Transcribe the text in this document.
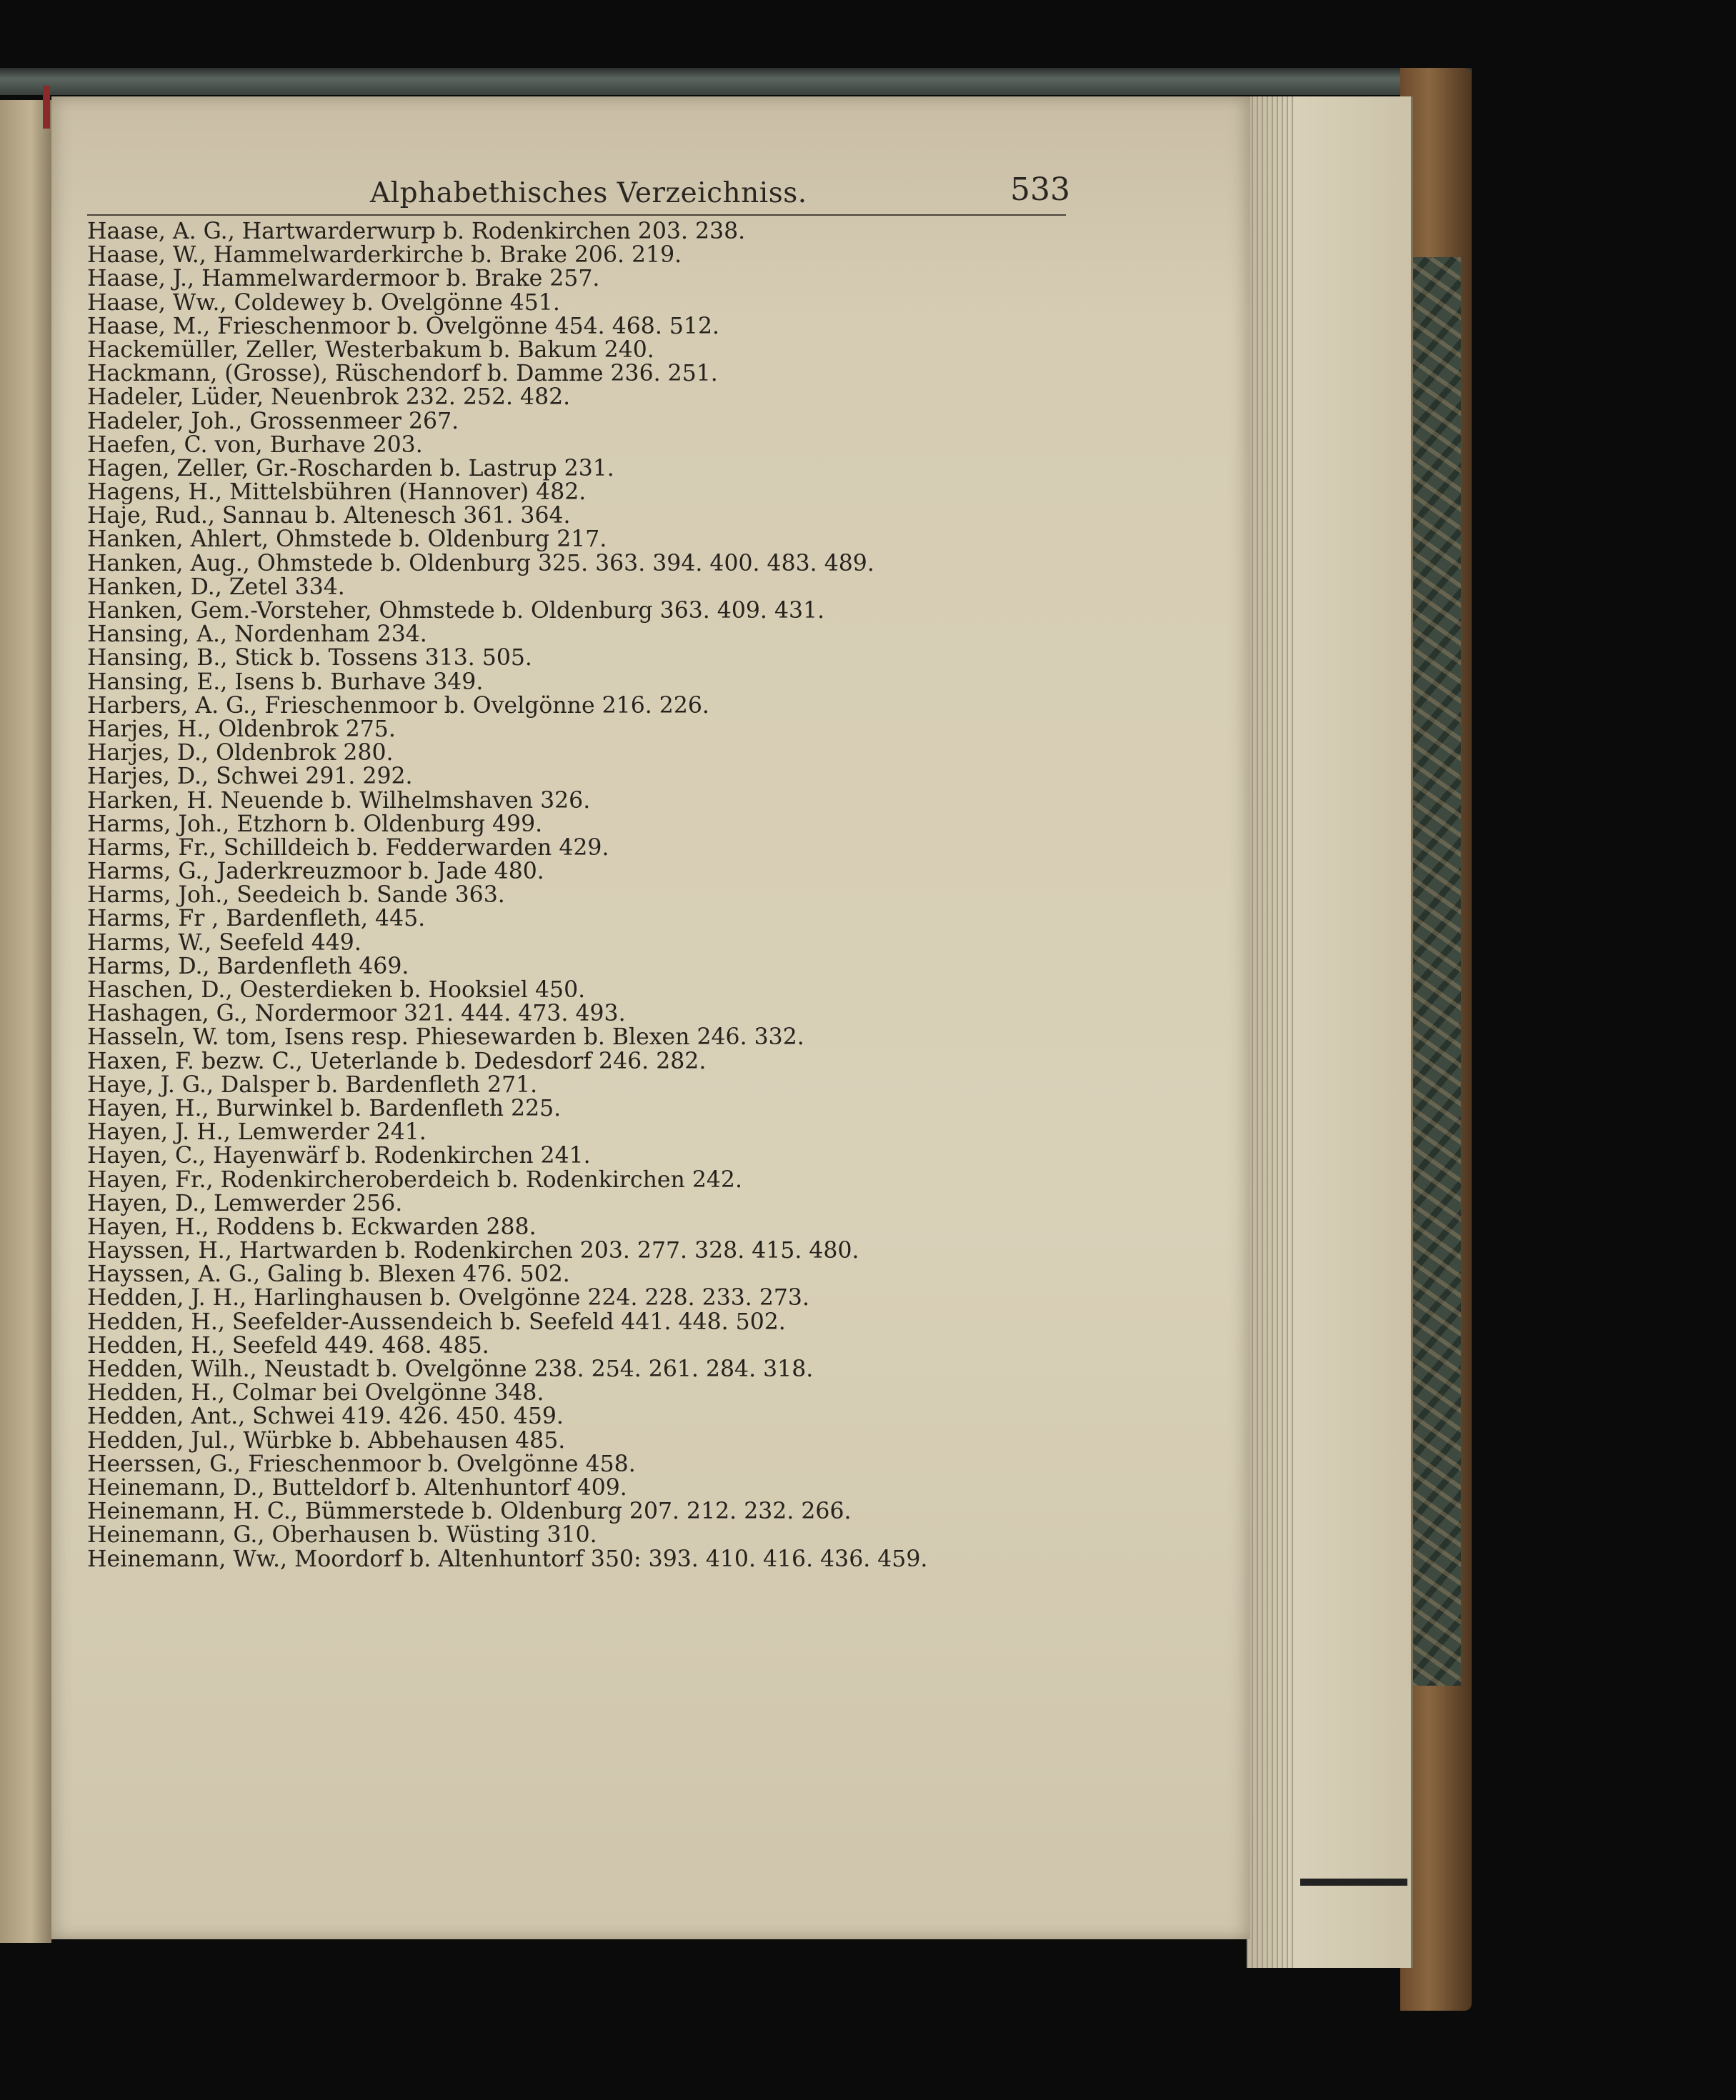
Alphabethisches Verzeichniss.	533
Haase, A. G., Hartwarderwurp b. Rodenkirchen 203. 238.
Haase, W., Hammelwarderkirche b. Brake 206. 219.
Haase, J., Hammelwardermoor b. Brake 257.
Haase, Ww., Coldewey b. Ovelgönne 451.
Haase, M., Frieschenmoor b. Ovelgönne 454. 468. 512.
Hackemüller, Zeller, Westerbakum b. Bakum 240.
Hackmann, (Grosse), Rüschendorf b. Damme 236. 251.
Hadeler, Lüder, Neuenbrok 232. 252. 482.
Hadeler, Joh., Grossenmeer 267.
Haefen, C. von, Burhave 203.
Hagen, Zeller, Gr.-Roscharden b. Lastrup 231.
Hagens, H., Mittelsbühren (Hannover) 482.
Haje, Rud., Sannau b. Altenesch 361. 364.
Hanken, Ahlert, Ohmstede b. Oldenburg 217.
Hanken, Aug., Ohmstede b. Oldenburg 325. 363. 394. 400. 483. 489.
Hanken, D., Zetel 334.
Hanken, Gem.-Vorsteher, Ohmstede b. Oldenburg 363. 409. 431.
Hansing, A., Nordenham 234.
Hansing, B., Stick b. Tossens 313. 505.
Hansing, E., Isens b. Burhave 349.
Harbers, A. G., Frieschenmoor b. Ovelgönne 216. 226.
Harjes, H., Oldenbrok 275.
Harjes, D., Oldenbrok 280.
Harjes, D., Schwei 291. 292.
Harken, H. Neuende b. Wilhelmshaven 326.
Harms, Joh., Etzhorn b. Oldenburg 499.
Harms, Fr., Schilldeich b. Fedderwarden 429.
Harms, G., Jaderkreuzmoor b. Jade 480.
Harms, Joh., Seedeich b. Sande 363.
Harms, Fr , Bardenfleth, 445.
Harms, W., Seefeld 449.
Harms, D., Bardenfleth 469.
Haschen, D., Oesterdieken b. Hooksiel 450.
Hashagen, G., Nordermoor 321. 444. 473. 493.
Hasseln, W. tom, Isens resp. Phiesewarden b. Blexen 246. 332.
Haxen, F. bezw. C., Ueterlande b. Dedesdorf 246. 282.
Haye, J. G., Dalsper b. Bardenfleth 271.
Hayen, H., Burwinkel b. Bardenfleth 225.
Hayen, J. H., Lemwerder 241.
Hayen, C., Hayenwärf b. Rodenkirchen 241.
Hayen, Fr., Rodenkircheroberdeich b. Rodenkirchen 242.
Hayen, D., Lemwerder 256.
Hayen, H., Roddens b. Eckwarden 288.
Hayssen, H., Hartwarden b. Rodenkirchen 203. 277. 328. 415. 480.
Hayssen, A. G., Galing b. Blexen 476. 502.
Hedden, J. H., Harlinghausen b. Ovelgönne 224. 228. 233. 273.
Hedden, H., Seefelder-Aussendeich b. Seefeld 441. 448. 502.
Hedden, H., Seefeld 449. 468. 485.
Hedden, Wilh., Neustadt b. Ovelgönne 238. 254. 261. 284. 318.
Hedden, H., Colmar bei Ovelgönne 348.
Hedden, Ant., Schwei 419. 426. 450. 459.
Hedden, Jul., Würbke b. Abbehausen 485.
Heerssen, G., Frieschenmoor b. Ovelgönne 458.
Heinemann, D., Butteldorf b. Altenhuntorf 409.
Heinemann, H. C., Bümmerstede b. Oldenburg 207. 212. 232. 266.
Heinemann, G., Oberhausen b. Wüsting 310.
Heinemann, Ww., Moordorf b. Altenhuntorf 350: 393. 410. 416. 436. 459.
